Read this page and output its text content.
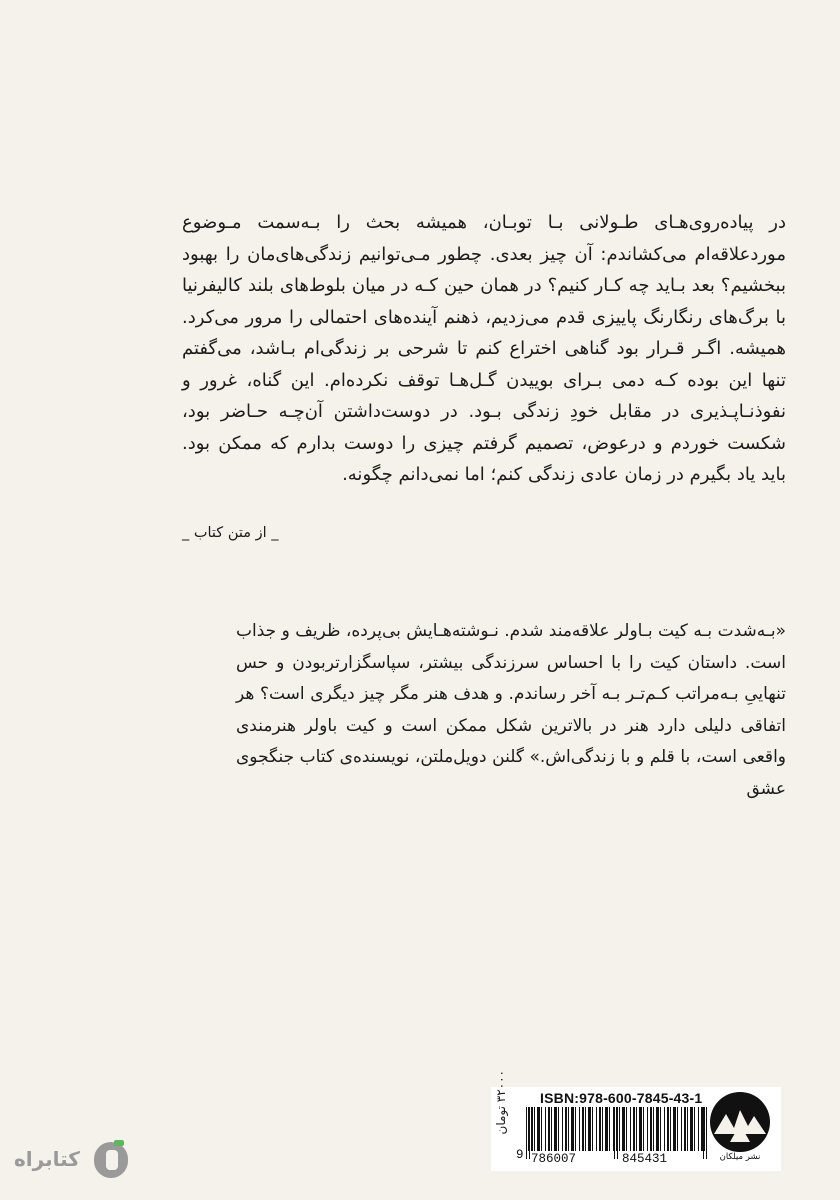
در پیاده‌روی‌هـای طـولانی بـا توبـان، همیشه بحث را بـه‌سمت مـوضوع موردعلاقه‌ام می‌کشاندم: آن چیز بعدی. چطور مـی‌توانیم زندگی‌های‌مان را بهبود ببخشیم؟ بعد بـاید چه کـار کنیم؟ در همان حین کـه در میان بلوط‌های بلند کالیفرنیا با برگ‌های رنگارنگ پاییزی قدم می‌زدیم، ذهنم آینده‌های احتمالی را مرور می‌کرد. همیشه. اگـر قـرار بود گناهی اختراع کنم تا شرحی بر زندگی‌ام بـاشد، می‌گفتم تنها این بوده کـه دمی بـرای بوییدن گـل‌هـا توقف نکرده‌ام. این گناه، غرور و نفوذنـاپـذیری در مقابل خودِ زندگی بـود. در دوست‌داشتن آن‌چـه حـاضر بود، شکست خوردم و درعوض، تصمیم گرفتم چیزی را دوست بدارم که ممکن بود. باید یاد بگیرم در زمان عادی زندگی کنم؛ اما نمی‌دانم چگونه.

_ از متن کتاب _

«بـه‌شدت بـه کیت بـاولر علاقه‌مند شدم. نـوشته‌هـایش بی‌پرده، ظریف و جذاب است. داستان کیت را با احساس سرزندگی بیشتر، سپاسگزارتربودن و حس تنهاییِ بـه‌مراتب کـم‌تـر بـه آخر رساندم. و هدف هنر مگر چیز دیگری است؟ هر اتفاقی دلیلی دارد هنر در بالاترین شکل ممکن است و کیت باولر هنرمندی واقعی است، با قلم و با زندگی‌اش.» گلنن دویل‌ملتن، نویسنده‌ی کتاب جنگجوی عشق

ISBN:978-600-7845-43-1
9 786007	845431
۳۲۰۰۰ تومان
نشر میلکان
کتابراه
